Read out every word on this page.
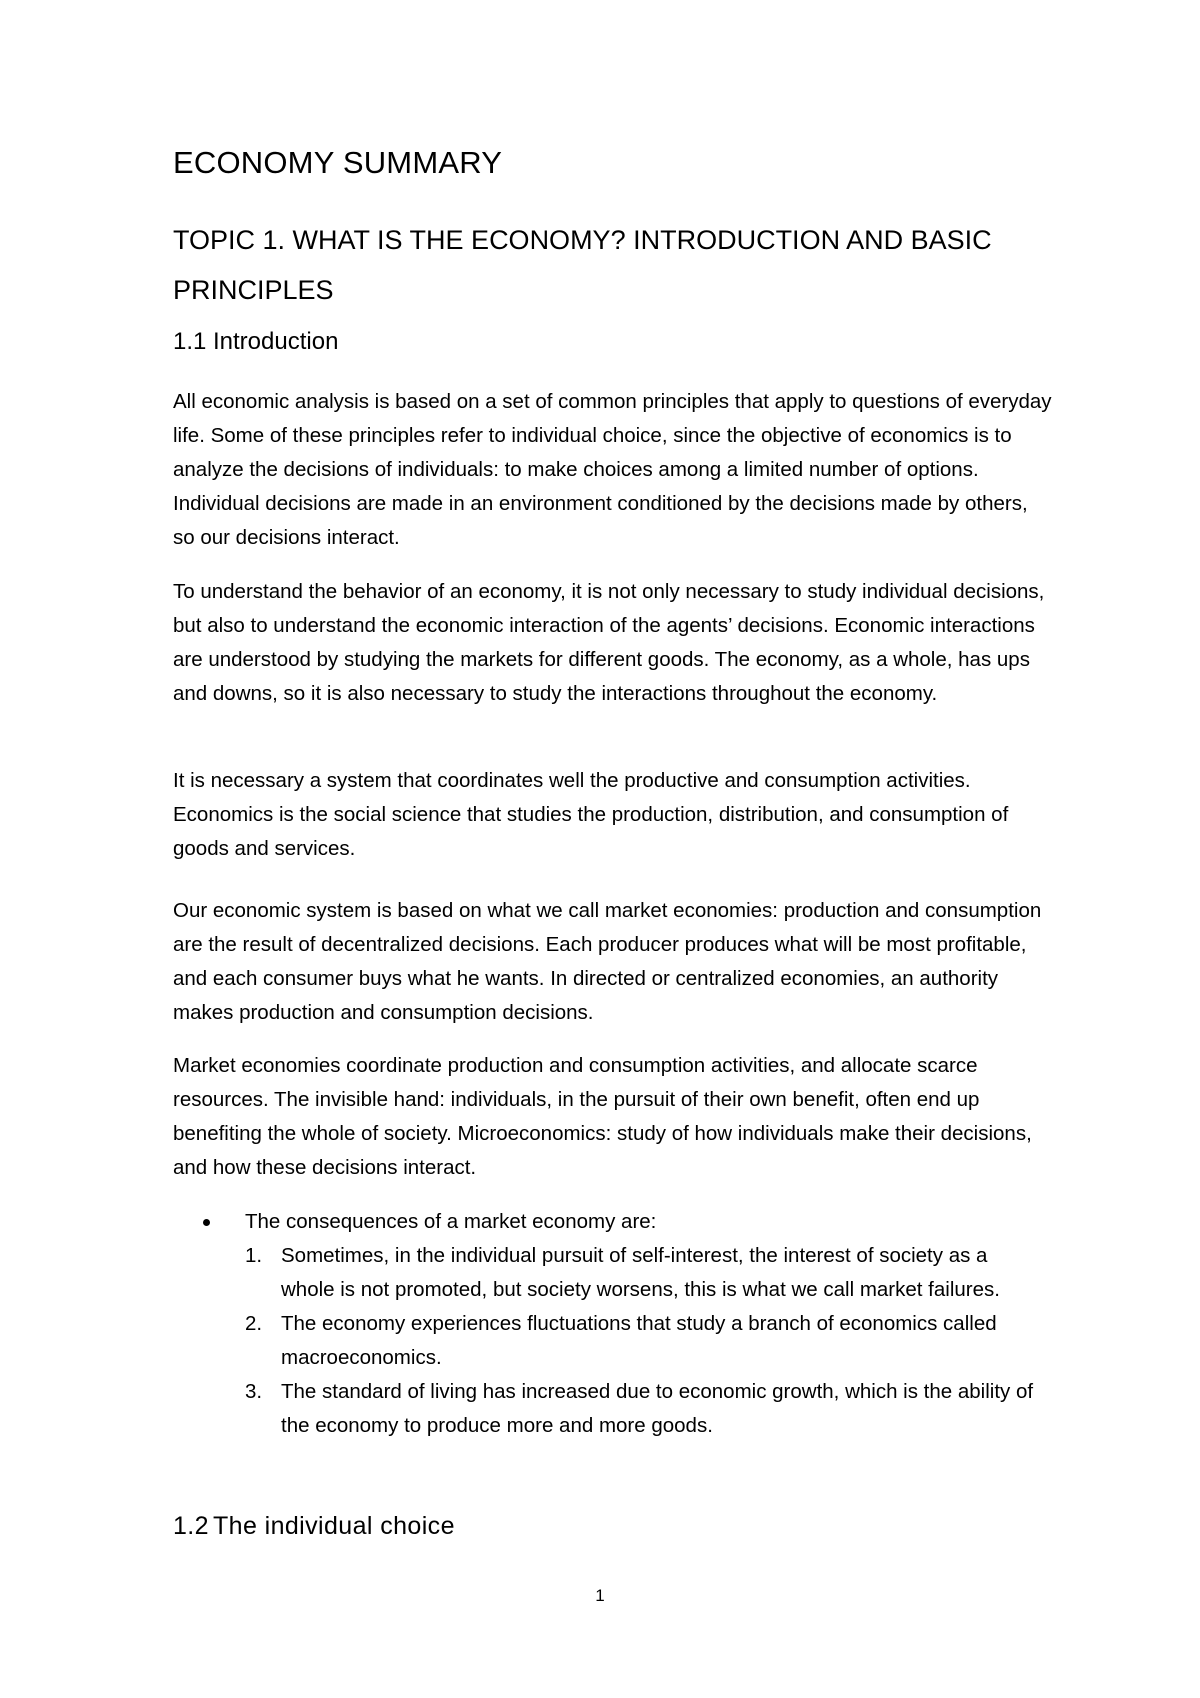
ECONOMY SUMMARY
TOPIC 1. WHAT IS THE ECONOMY? INTRODUCTION AND BASIC PRINCIPLES
1.1 Introduction

All economic analysis is based on a set of common principles that apply to questions of everyday life. Some of these principles refer to individual choice, since the objective of economics is to analyze the decisions of individuals: to make choices among a limited number of options. Individual decisions are made in an environment conditioned by the decisions made by others, so our decisions interact.

To understand the behavior of an economy, it is not only necessary to study individual decisions, but also to understand the economic interaction of the agents’ decisions. Economic interactions are understood by studying the markets for different goods. The economy, as a whole, has ups and downs, so it is also necessary to study the interactions throughout the economy.

It is necessary a system that coordinates well the productive and consumption activities. Economics is the social science that studies the production, distribution, and consumption of goods and services.

Our economic system is based on what we call market economies: production and consumption are the result of decentralized decisions. Each producer produces what will be most profitable, and each consumer buys what he wants. In directed or centralized economies, an authority makes production and consumption decisions.

Market economies coordinate production and consumption activities, and allocate scarce resources. The invisible hand: individuals, in the pursuit of their own benefit, often end up benefiting the whole of society. Microeconomics: study of how individuals make their decisions, and how these decisions interact.

The consequences of a market economy are:
1. Sometimes, in the individual pursuit of self-interest, the interest of society as a whole is not promoted, but society worsens, this is what we call market failures.
2. The economy experiences fluctuations that study a branch of economics called macroeconomics.
3. The standard of living has increased due to economic growth, which is the ability of the economy to produce more and more goods.
1.2 The individual choice
1
